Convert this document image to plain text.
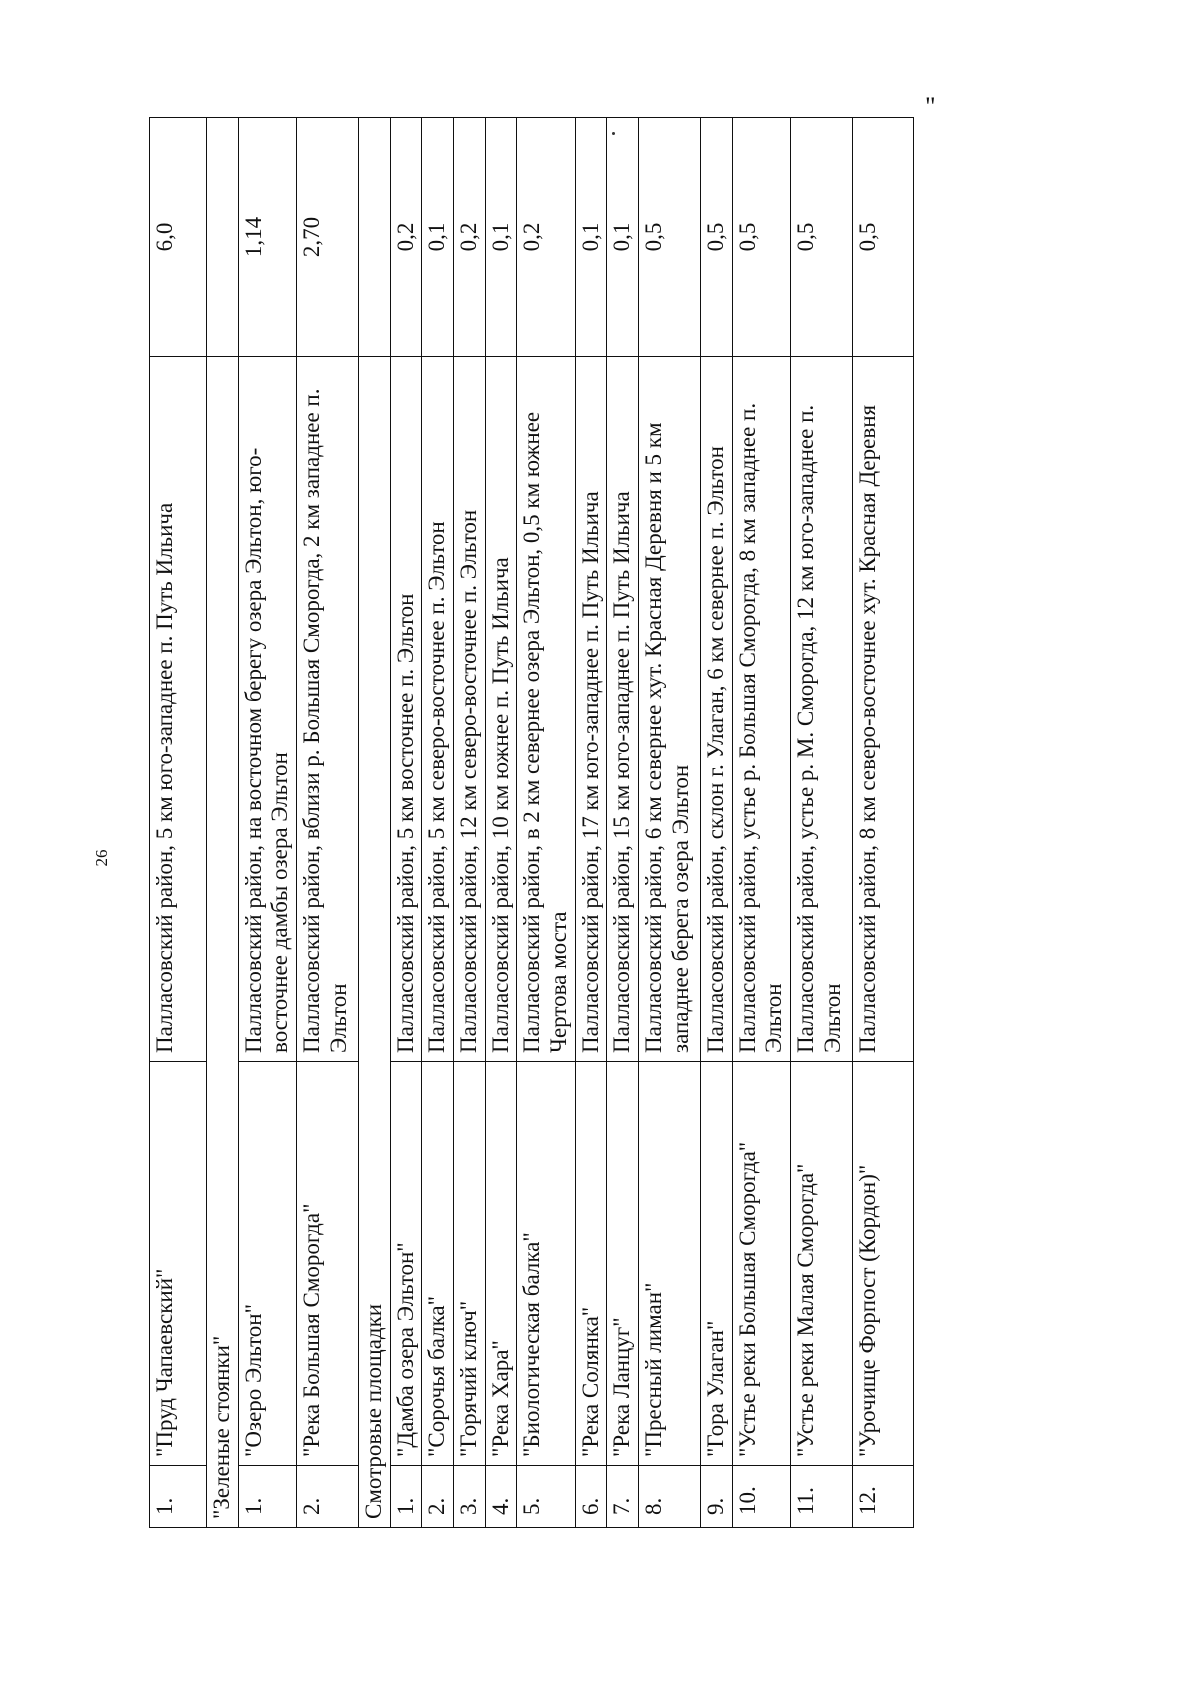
26
"
1.	"Пруд Чапаевский"	Палласовский район, 5 км юго-западнее п. Путь Ильича	6,0
"Зеленые стоянки"			
1.	"Озеро Эльтон"	Палласовский район, на восточном берегу озера Эльтон, юго-восточнее дамбы озера Эльтон	1,14
2.	"Река Большая Сморогда"	Палласовский район, вблизи р. Большая Сморогда, 2 км западнее п. Эльтон	2,70
Смотровые площадки			
1.	"Дамба озера Эльтон"	Палласовский район, 5 км восточнее п. Эльтон	0,2
2.	"Сорочья балка"	Палласовский район, 5 км северо-восточнее п. Эльтон	0,1
3.	"Горячий ключ"	Палласовский район, 12 км северо-восточнее п. Эльтон	0,2
4.	"Река Хара"	Палласовский район, 10 км южнее п. Путь Ильича	0,1
5.	"Биологическая балка"	Палласовский район, в 2 км севернее озера Эльтон, 0,5 км южнее Чертова моста	0,2
6.	"Река Солянка"	Палласовский район, 17 км юго-западнее п. Путь Ильича	0,1
7.	"Река Ланцуг"	Палласовский район, 15 км юго-западнее п. Путь Ильича	0,1
8.	"Пресный лиман"	Палласовский район, 6 км севернее хут. Красная Деревня и 5 км западнее берега озера Эльтон	0,5
9.	"Гора Улаган"	Палласовский район, склон г. Улаган, 6 км севернее п. Эльтон	0,5
10.	"Устье реки Большая Сморогда"	Палласовский район, устье р. Большая Сморогда, 8 км западнее п. Эльтон	0,5
11.	"Устье реки Малая Сморогда"	Палласовский район, устье р. М. Сморогда, 12 км юго-западнее п. Эльтон	0,5
12.	"Урочище Форпост (Кордон)"	Палласовский район, 8 км северо-восточнее хут. Красная Деревня	0,5
